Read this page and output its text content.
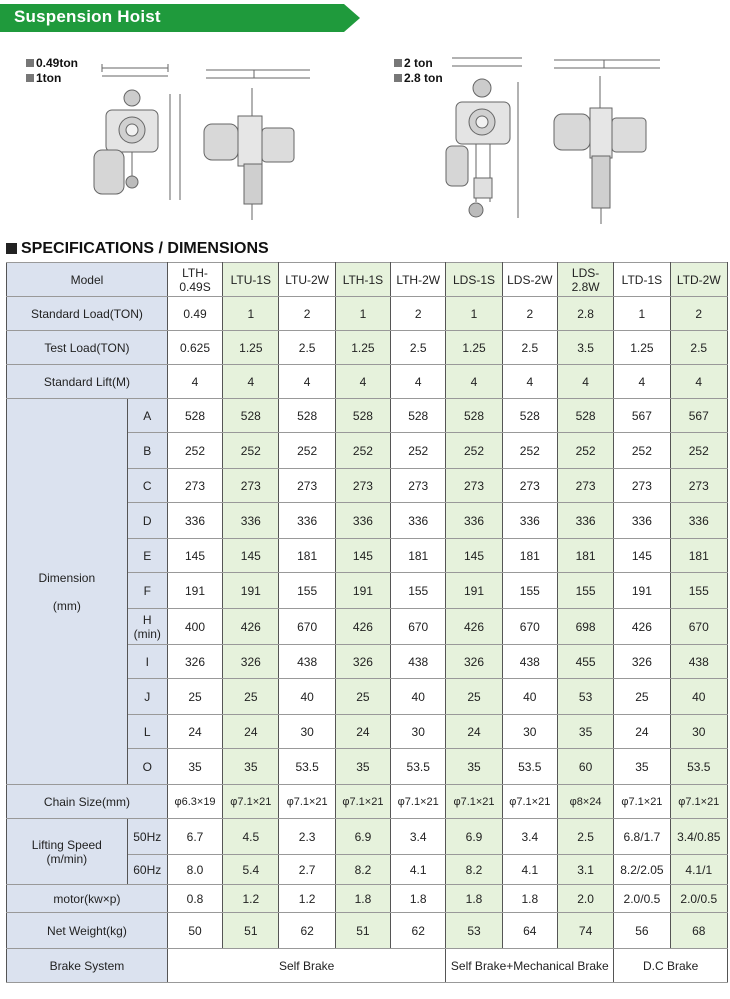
Suspension Hoist
0.49ton
1ton
2 ton
2.8 ton
SPECIFICATIONS / DIMENSIONS
Model		LTH-0.49S	LTU-1S	LTU-2W	LTH-1S	LTH-2W	LDS-1S	LDS-2W	LDS-2.8W	LTD-1S	LTD-2W
Standard Load(TON)		0.49	1	2	1	2	1	2	2.8	1	2
Test Load(TON)		0.625	1.25	2.5	1.25	2.5	1.25	2.5	3.5	1.25	2.5
Standard Lift(M)		4	4	4	4	4	4	4	4	4	4
Dimension

(mm)	A	528	528	528	528	528	528	528	528	567	567
	B	252	252	252	252	252	252	252	252	252	252
	C	273	273	273	273	273	273	273	273	273	273
	D	336	336	336	336	336	336	336	336	336	336
	E	145	145	181	145	181	145	181	181	145	181
	F	191	191	155	191	155	191	155	155	191	155
	H (min)	400	426	670	426	670	426	670	698	426	670
	I	326	326	438	326	438	326	438	455	326	438
	J	25	25	40	25	40	25	40	53	25	40
	L	24	24	30	24	30	24	30	35	24	30
	O	35	35	53.5	35	53.5	35	53.5	60	35	53.5
Chain Size(mm)		φ6.3×19	φ7.1×21	φ7.1×21	φ7.1×21	φ7.1×21	φ7.1×21	φ7.1×21	φ8×24	φ7.1×21	φ7.1×21
Lifting Speed
(m/min)	50Hz	6.7	4.5	2.3	6.9	3.4	6.9	3.4	2.5	6.8/1.7	3.4/0.85
	60Hz	8.0	5.4	2.7	8.2	4.1	8.2	4.1	3.1	8.2/2.05	4.1/1
motor(kw×p)		0.8	1.2	1.2	1.8	1.8	1.8	1.8	2.0	2.0/0.5	2.0/0.5
Net Weight(kg)		50	51	62	51	62	53	64	74	56	68
Brake System		Self Brake					Self Brake+Mechanical Brake			D.C Brake	
